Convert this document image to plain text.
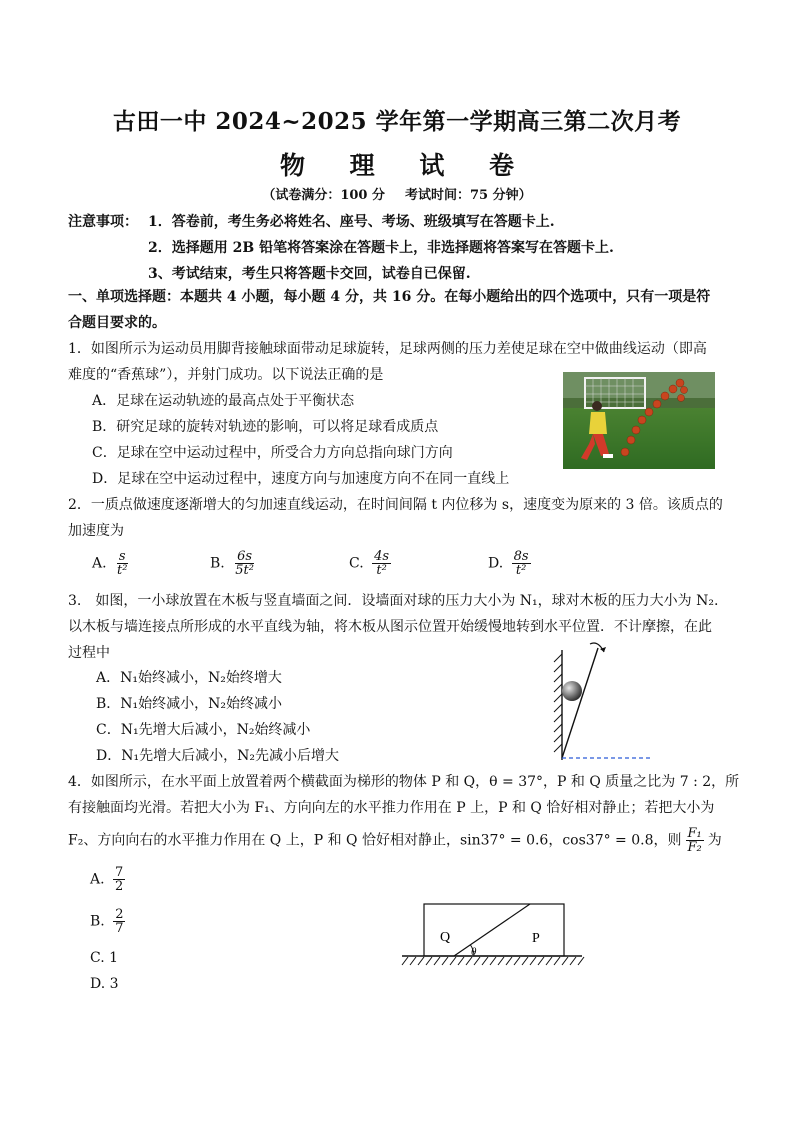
古田一中 2024~2025 学年第一学期高三第二次月考
物 理 试 卷
（试卷满分：100 分 考试时间：75 分钟）
注意事项： 1．答卷前，考生务必将姓名、座号、考场、班级填写在答题卡上.
2．选择题用 2B 铅笔将答案涂在答题卡上，非选择题将答案写在答题卡上.
3、考试结束，考生只将答题卡交回，试卷自已保留.
一、单项选择题：本题共 4 小题，每小题 4 分，共 16 分。在每小题给出的四个选项中，只有一项是符
合题目要求的。
1．如图所示为运动员用脚背接触球面带动足球旋转，足球两侧的压力差使足球在空中做曲线运动（即高
难度的“香蕉球”），并射门成功。以下说法正确的是
A．足球在运动轨迹的最高点处于平衡状态
B．研究足球的旋转对轨迹的影响，可以将足球看成质点
C．足球在空中运动过程中，所受合力方向总指向球门方向
D．足球在空中运动过程中，速度方向与加速度方向不在同一直线上
2．一质点做速度逐渐增大的匀加速直线运动，在时间间隔 t 内位移为 s，速度变为原来的 3 倍。该质点的
加速度为
A. $\frac{s}{\text{t²}}$	B. $\frac{6s}{\text{5t²}}$	C. $\frac{4s}{\text{t²}}$	D. $\frac{8s}{\text{t²}}$
3.　如图，一小球放置在木板与竖直墙面之间．设墙面对球的压力大小为 N₁，球对木板的压力大小为 N₂.
以木板与墙连接点所形成的水平直线为轴，将木板从图示位置开始缓慢地转到水平位置．不计摩擦，在此
过程中
A．N₁始终减小，N₂始终增大
B．N₁始终减小，N₂始终减小
C．N₁先增大后减小，N₂始终减小
D．N₁先增大后减小，N₂先减小后增大
4．如图所示，在水平面上放置着两个横截面为梯形的物体 P 和 Q，θ = 37°，P 和 Q 质量之比为 7 : 2，所
有接触面均光滑。若把大小为 F₁、方向向左的水平推力作用在 P 上，P 和 Q 恰好相对静止；若把大小为
F₂、方向向右的水平推力作用在 Q 上，P 和 Q 恰好相对静止，sin37° = 0.6，cos37° = 0.8，则 $\frac{\text{F₁}}{\text{F₂}}$ 为
A. $\frac{7}{2}$
B. $\frac{2}{7}$
C. 1
D. 3
Q	P
θ
